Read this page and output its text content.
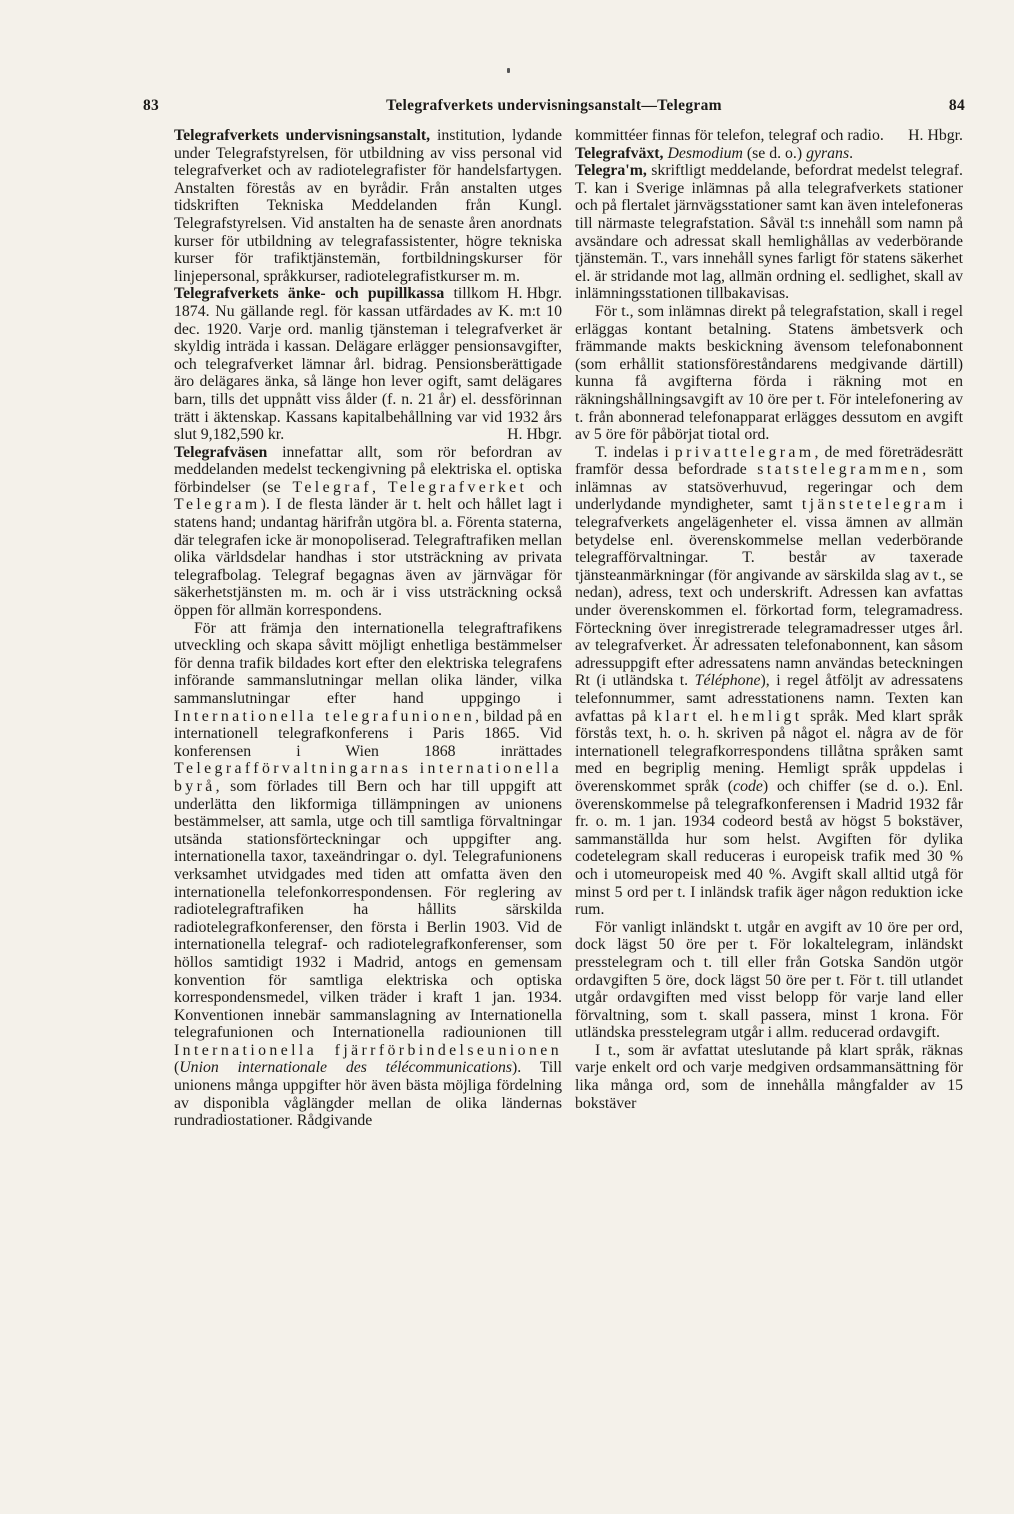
83	Telegrafverkets undervisningsanstalt—Telegram	84

Telegrafverkets undervisningsanstalt, institution, lydande under Telegrafstyrelsen, för utbildning av viss personal vid telegrafverket och av radiotelegrafister för handelsfartygen. Anstalten förestås av en byrådir. Från anstalten utges tidskriften Tekniska Meddelanden från Kungl. Telegrafstyrelsen. Vid anstalten ha de senaste åren anordnats kurser för utbildning av telegrafassistenter, högre tekniska kurser för trafiktjänstemän, fortbildningskurser för linjepersonal, språkkurser, radiotelegrafistkurser m. m.
H. Hbgr.

Telegrafverkets änke- och pupillkassa tillkom 1874. Nu gällande regl. för kassan utfärdades av K. m:t 10 dec. 1920. Varje ord. manlig tjänsteman i telegrafverket är skyldig inträda i kassan. Delägare erlägger pensionsavgifter, och telegrafverket lämnar årl. bidrag. Pensionsberättigade äro delägares änka, så länge hon lever ogift, samt delägares barn, tills det uppnått viss ålder (f. n. 21 år) el. dessförinnan trätt i äktenskap. Kassans kapitalbehållning var vid 1932 års slut 9,182,590 kr.	H. Hbgr.

Telegrafväsen innefattar allt, som rör befordran av meddelanden medelst teckengivning på elektriska el. optiska förbindelser (se Telegraf, Telegrafverket och Telegram). I de flesta länder är t. helt och hållet lagt i statens hand; undantag härifrån utgöra bl. a. Förenta staterna, där telegrafen icke är monopoliserad. Telegraftrafiken mellan olika världsdelar handhas i stor utsträckning av privata telegrafbolag. Telegraf begagnas även av järnvägar för säkerhetstjänsten m. m. och är i viss utsträckning också öppen för allmän korrespondens.

För att främja den internationella telegraftrafikens utveckling och skapa såvitt möjligt enhetliga bestämmelser för denna trafik bildades kort efter den elektriska telegrafens införande sammanslutningar mellan olika länder, vilka sammanslutningar efter hand uppgingo i Internationella telegrafunionen, bildad på en internationell telegrafkonferens i Paris 1865. Vid konferensen i Wien 1868 inrättades Telegrafförvaltningarnas internationella byrå, som förlades till Bern och har till uppgift att underlätta den likformiga tillämpningen av unionens bestämmelser, att samla, utge och till samtliga förvaltningar utsända stationsförteckningar och uppgifter ang. internationella taxor, taxeändringar o. dyl. Telegrafunionens verksamhet utvidgades med tiden att omfatta även den internationella telefonkorrespondensen. För reglering av radiotelegraftrafiken ha hållits särskilda radiotelegrafkonferenser, den första i Berlin 1903. Vid de internationella telegraf- och radiotelegrafkonferenser, som höllos samtidigt 1932 i Madrid, antogs en gemensam konvention för samtliga elektriska och optiska korrespondensmedel, vilken träder i kraft 1 jan. 1934. Konventionen innebär sammanslagning av Internationella telegrafunionen och Internationella radiounionen till Internationella fjärrförbindelseunionen (Union internationale des télécommunications). Till unionens många uppgifter hör även bästa möjliga fördelning av disponibla våglängder mellan de olika ländernas rundradiostationer. Rådgivande

kommittéer finnas för telefon, telegraf och radio.	H. Hbgr.

Telegrafväxt, Desmodium (se d. o.) gyrans.

Telegra'm, skriftligt meddelande, befordrat medelst telegraf. T. kan i Sverige inlämnas på alla telegrafverkets stationer och på flertalet järnvägsstationer samt kan även intelefoneras till närmaste telegrafstation. Såväl t:s innehåll som namn på avsändare och adressat skall hemlighållas av vederbörande tjänstemän. T., vars innehåll synes farligt för statens säkerhet el. är stridande mot lag, allmän ordning el. sedlighet, skall av inlämningsstationen tillbakavisas.

För t., som inlämnas direkt på telegrafstation, skall i regel erläggas kontant betalning. Statens ämbetsverk och främmande makts beskickning ävensom telefonabonnent (som erhållit stationsföreståndarens medgivande därtill) kunna få avgifterna förda i räkning mot en räkningshållningsavgift av 10 öre per t. För intelefonering av t. från abonnerad telefonapparat erlägges dessutom en avgift av 5 öre för påbörjat tiotal ord.

T. indelas i privattelegram, de med företrädesrätt framför dessa befordrade statstelegrammen, som inlämnas av statsöverhuvud, regeringar och dem underlydande myndigheter, samt tjänstetelegram i telegrafverkets angelägenheter el. vissa ämnen av allmän betydelse enl. överenskommelse mellan vederbörande telegrafförvaltningar. T. består av taxerade tjänsteanmärkningar (för angivande av särskilda slag av t., se nedan), adress, text och underskrift. Adressen kan avfattas under överenskommen el. förkortad form, telegramadress. Förteckning över inregistrerade telegramadresser utges årl. av telegrafverket. Är adressaten telefonabonnent, kan såsom adressuppgift efter adressatens namn användas beteckningen Rt (i utländska t. Téléphone), i regel åtföljt av adressatens telefonnummer, samt adresstationens namn. Texten kan avfattas på klart el. hemligt språk. Med klart språk förstås text, h. o. h. skriven på något el. några av de för internationell telegrafkorrespondens tillåtna språken samt med en begriplig mening. Hemligt språk uppdelas i överenskommet språk (code) och chiffer (se d. o.). Enl. överenskommelse på telegrafkonferensen i Madrid 1932 får fr. o. m. 1 jan. 1934 codeord bestå av högst 5 bokstäver, sammanställda hur som helst. Avgiften för dylika codetelegram skall reduceras i europeisk trafik med 30 % och i utomeuropeisk med 40 %. Avgift skall alltid utgå för minst 5 ord per t. I inländsk trafik äger någon reduktion icke rum.

För vanligt inländskt t. utgår en avgift av 10 öre per ord, dock lägst 50 öre per t. För lokaltelegram, inländskt presstelegram och t. till eller från Gotska Sandön utgör ordavgiften 5 öre, dock lägst 50 öre per t. För t. till utlandet utgår ordavgiften med visst belopp för varje land eller förvaltning, som t. skall passera, minst 1 krona. För utländska presstelegram utgår i allm. reducerad ordavgift.

I t., som är avfattat uteslutande på klart språk, räknas varje enkelt ord och varje medgiven ordsammansättning för lika många ord, som de innehålla mångfalder av 15 bokstäver
